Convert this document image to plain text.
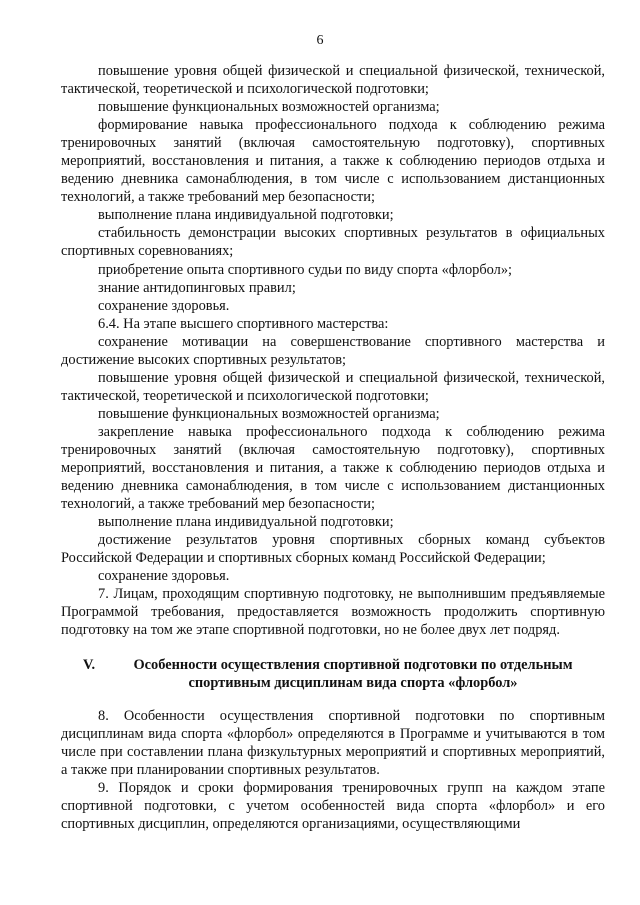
6

повышение уровня общей физической и специальной физической, технической, тактической, теоретической и психологической подготовки;

повышение функциональных возможностей организма;

формирование навыка профессионального подхода к соблюдению режима тренировочных занятий (включая самостоятельную подготовку), спортивных мероприятий, восстановления и питания, а также к соблюдению периодов отдыха и ведению дневника самонаблюдения, в том числе с использованием дистанционных технологий, а также требований мер безопасности;

выполнение плана индивидуальной подготовки;

стабильность демонстрации высоких спортивных результатов в официальных спортивных соревнованиях;

приобретение опыта спортивного судьи по виду спорта «флорбол»;

знание антидопинговых правил;

сохранение здоровья.

6.4. На этапе высшего спортивного мастерства:

сохранение мотивации на совершенствование спортивного мастерства и достижение высоких спортивных результатов;

повышение уровня общей физической и специальной физической, технической, тактической, теоретической и психологической подготовки;

повышение функциональных возможностей организма;

закрепление навыка профессионального подхода к соблюдению режима тренировочных занятий (включая самостоятельную подготовку), спортивных мероприятий, восстановления и питания, а также к соблюдению периодов отдыха и ведению дневника самонаблюдения, в том числе с использованием дистанционных технологий, а также требований мер безопасности;

выполнение плана индивидуальной подготовки;

достижение результатов уровня спортивных сборных команд субъектов Российской Федерации и спортивных сборных команд Российской Федерации;

сохранение здоровья.

7. Лицам, проходящим спортивную подготовку, не выполнившим предъявляемые Программой требования, предоставляется возможность продолжить спортивную подготовку на том же этапе спортивной подготовки, но не более двух лет подряд.

V.	Особенности осуществления спортивной подготовки по отдельным спортивным дисциплинам вида спорта «флорбол»

8. Особенности осуществления спортивной подготовки по спортивным дисциплинам вида спорта «флорбол» определяются в Программе и учитываются в том числе при составлении плана физкультурных мероприятий и спортивных мероприятий, а также при планировании спортивных результатов.

9. Порядок и сроки формирования тренировочных групп на каждом этапе спортивной подготовки, с учетом особенностей вида спорта «флорбол» и его спортивных дисциплин, определяются организациями, осуществляющими
